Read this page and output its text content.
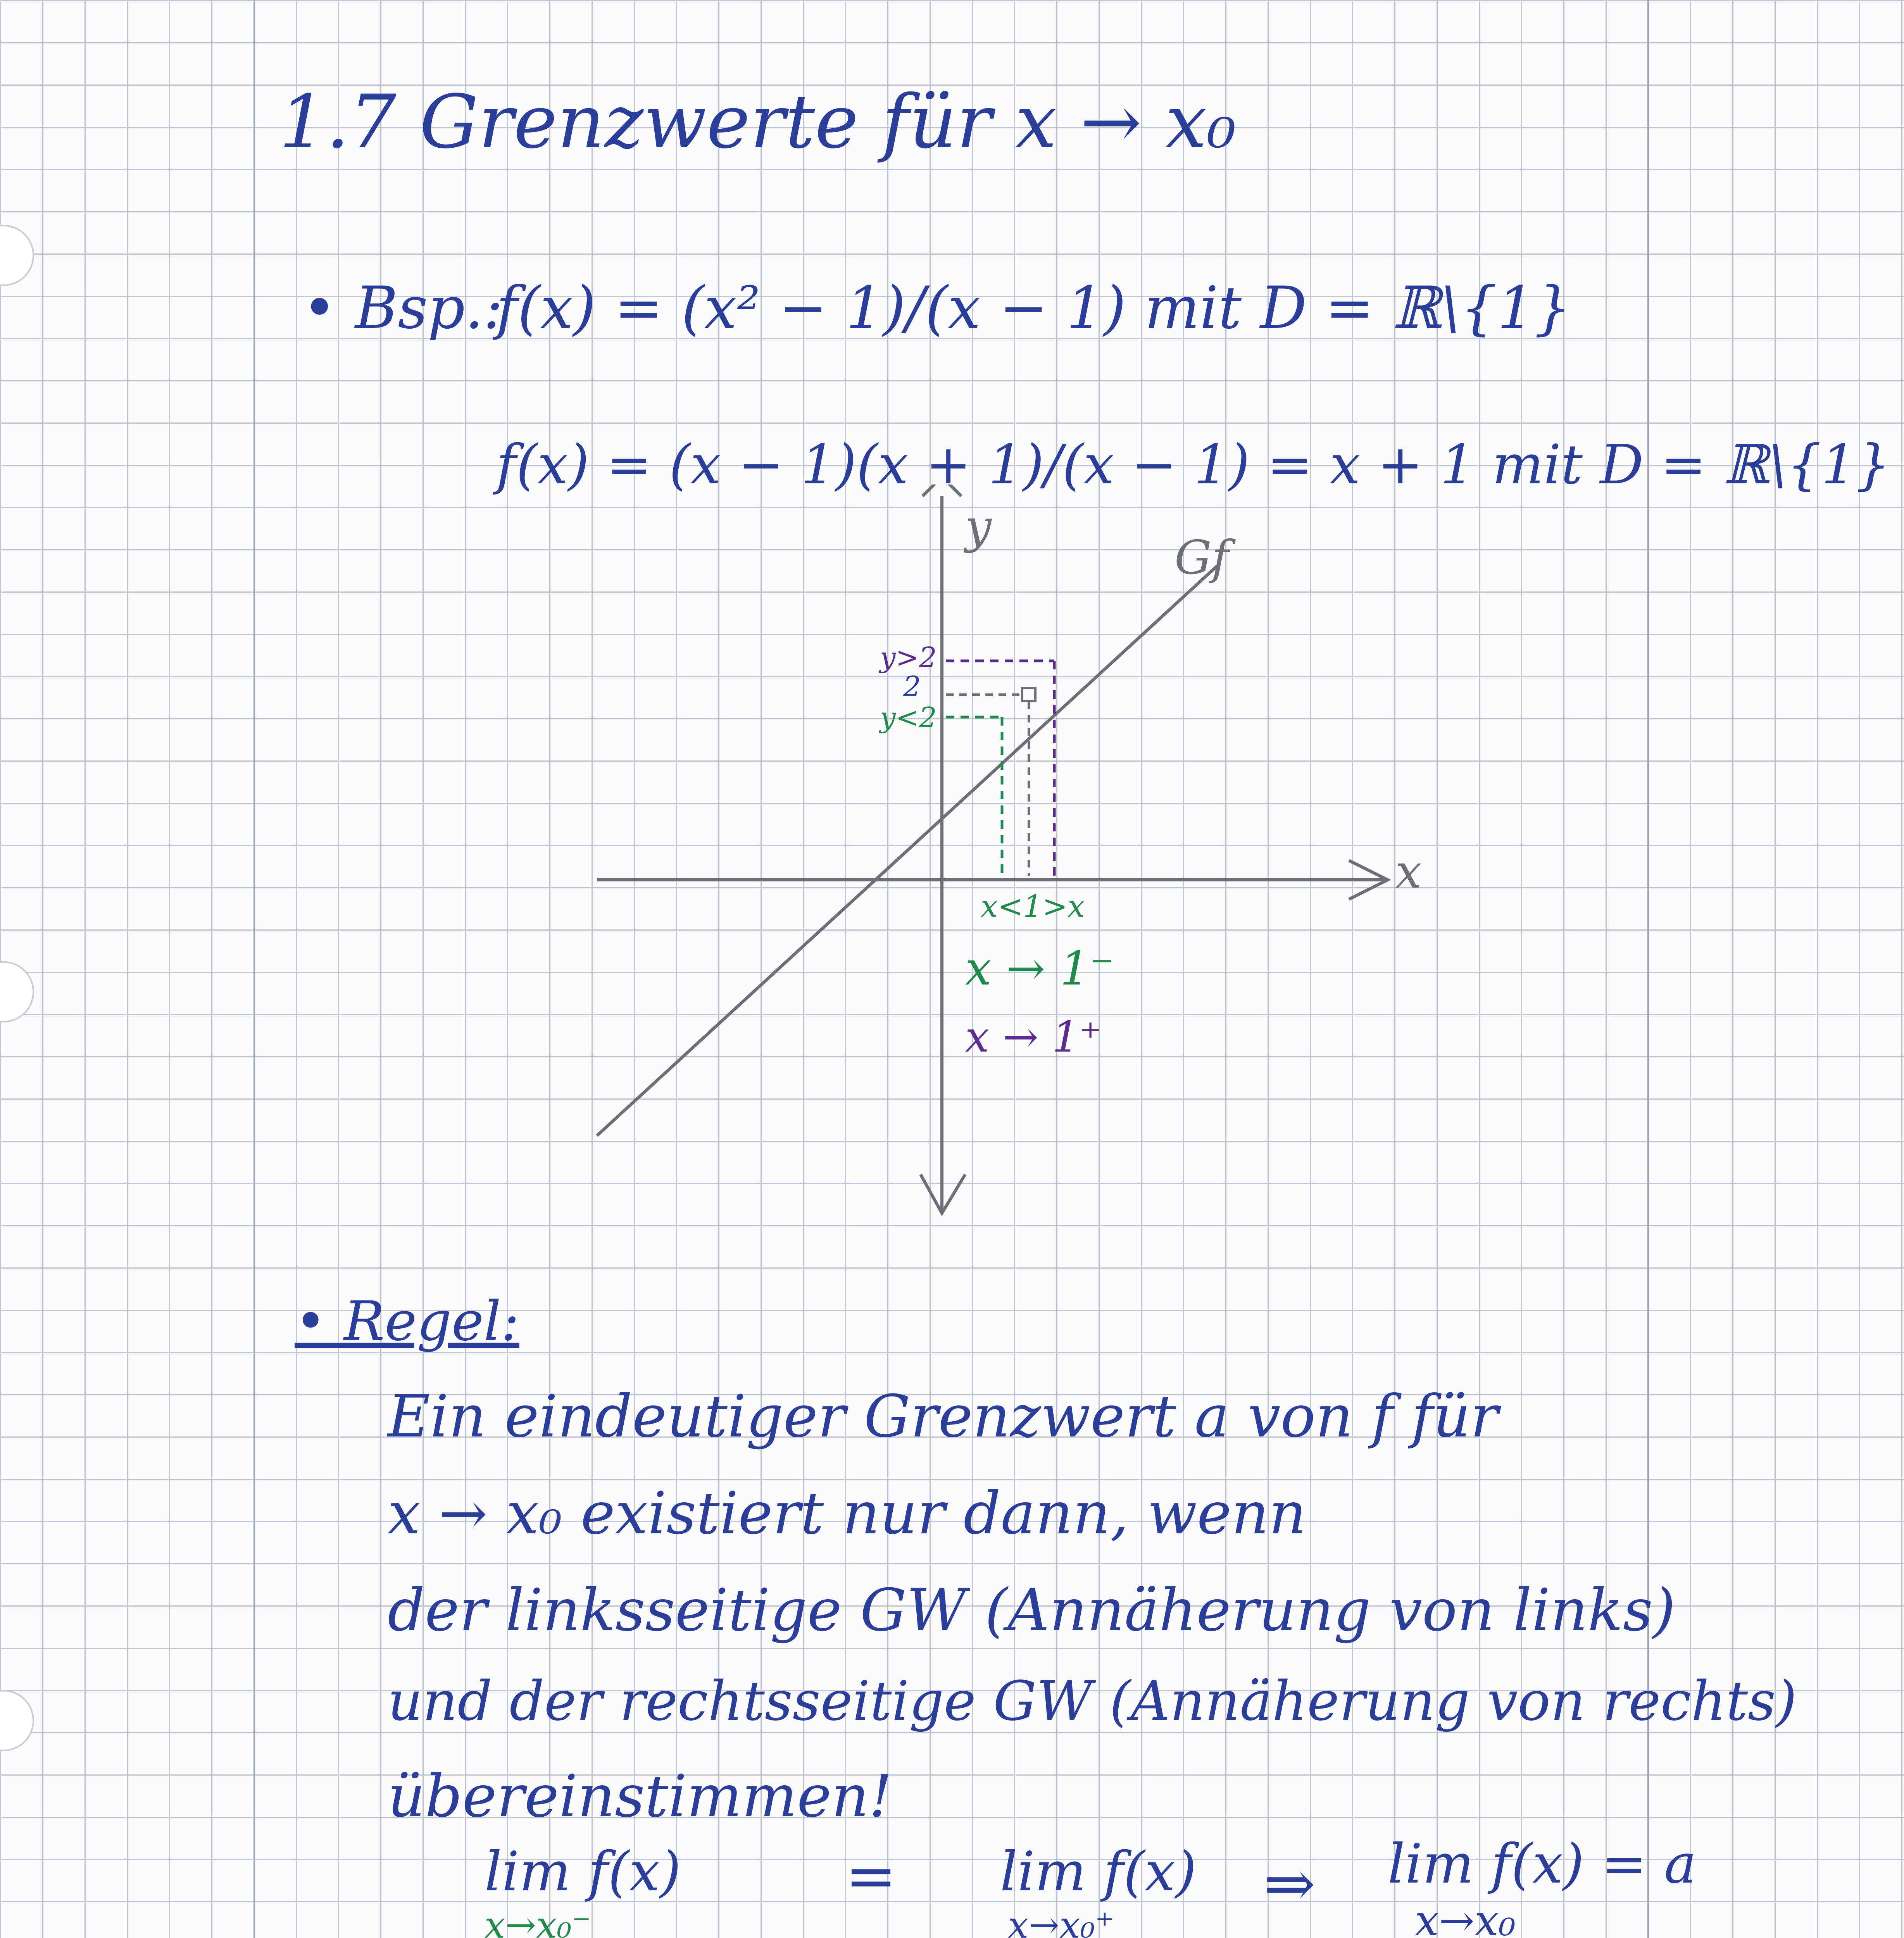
1.7 Grenzwerte für x → x₀
• Bsp.:
f(x) = (x² − 1)/(x − 1) mit D = ℝ\{1}
f(x) = (x − 1)(x + 1)/(x − 1) = x + 1 mit D = ℝ\{1}
y
x
Gf
y>2
2
y<2
x<1>x
x → 1⁻
x → 1⁺
• Regel:
Ein eindeutiger Grenzwert a von f für
x → x₀ existiert nur dann, wenn
der linksseitige GW (Annäherung von links)
und der rechtsseitige GW (Annäherung von rechts)
übereinstimmen!
lim f(x)
x→x₀⁻
= lim f(x)
x→x₀⁺
⇒ lim f(x) = a
x→x₀
